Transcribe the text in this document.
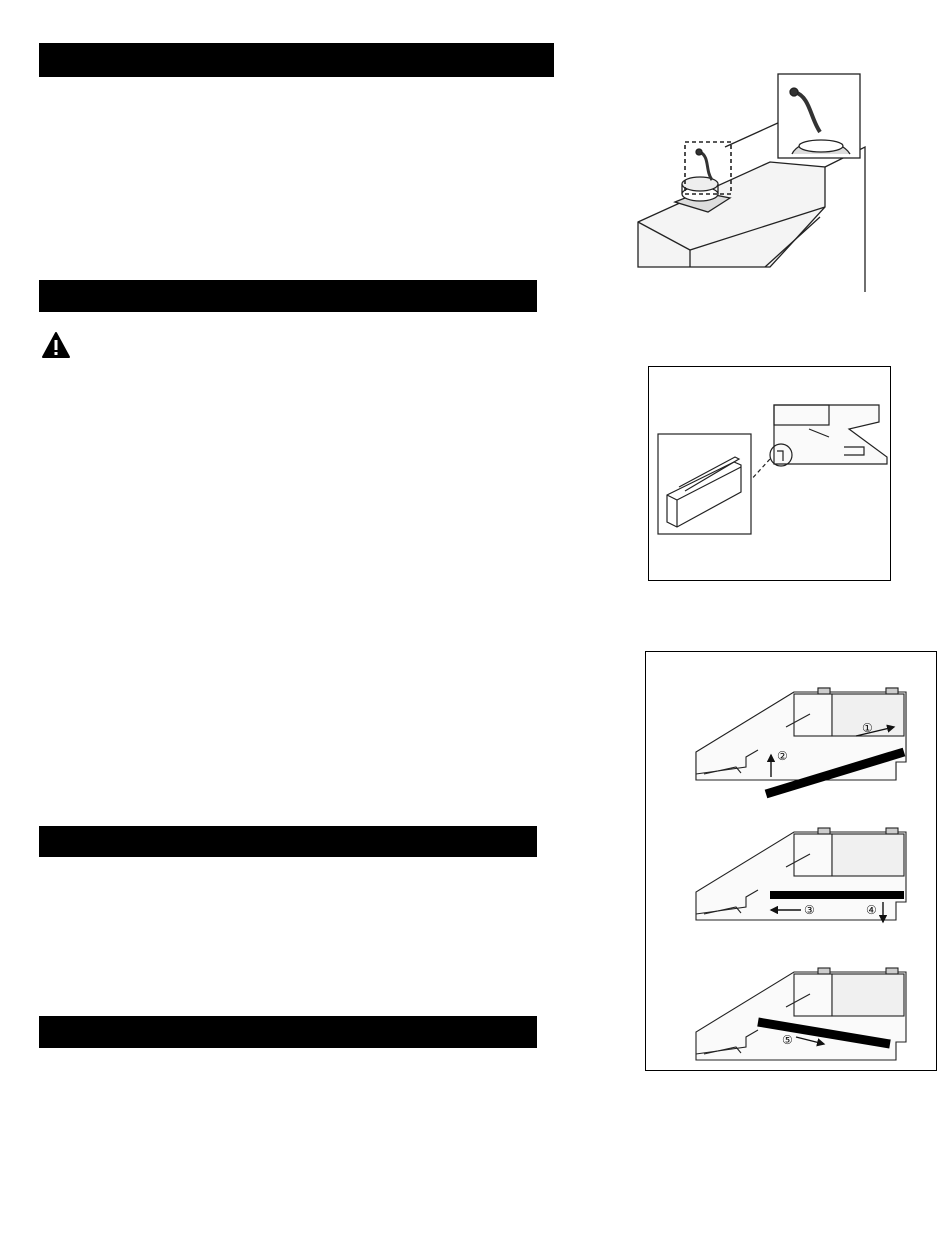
①
②
③	④
⑤
